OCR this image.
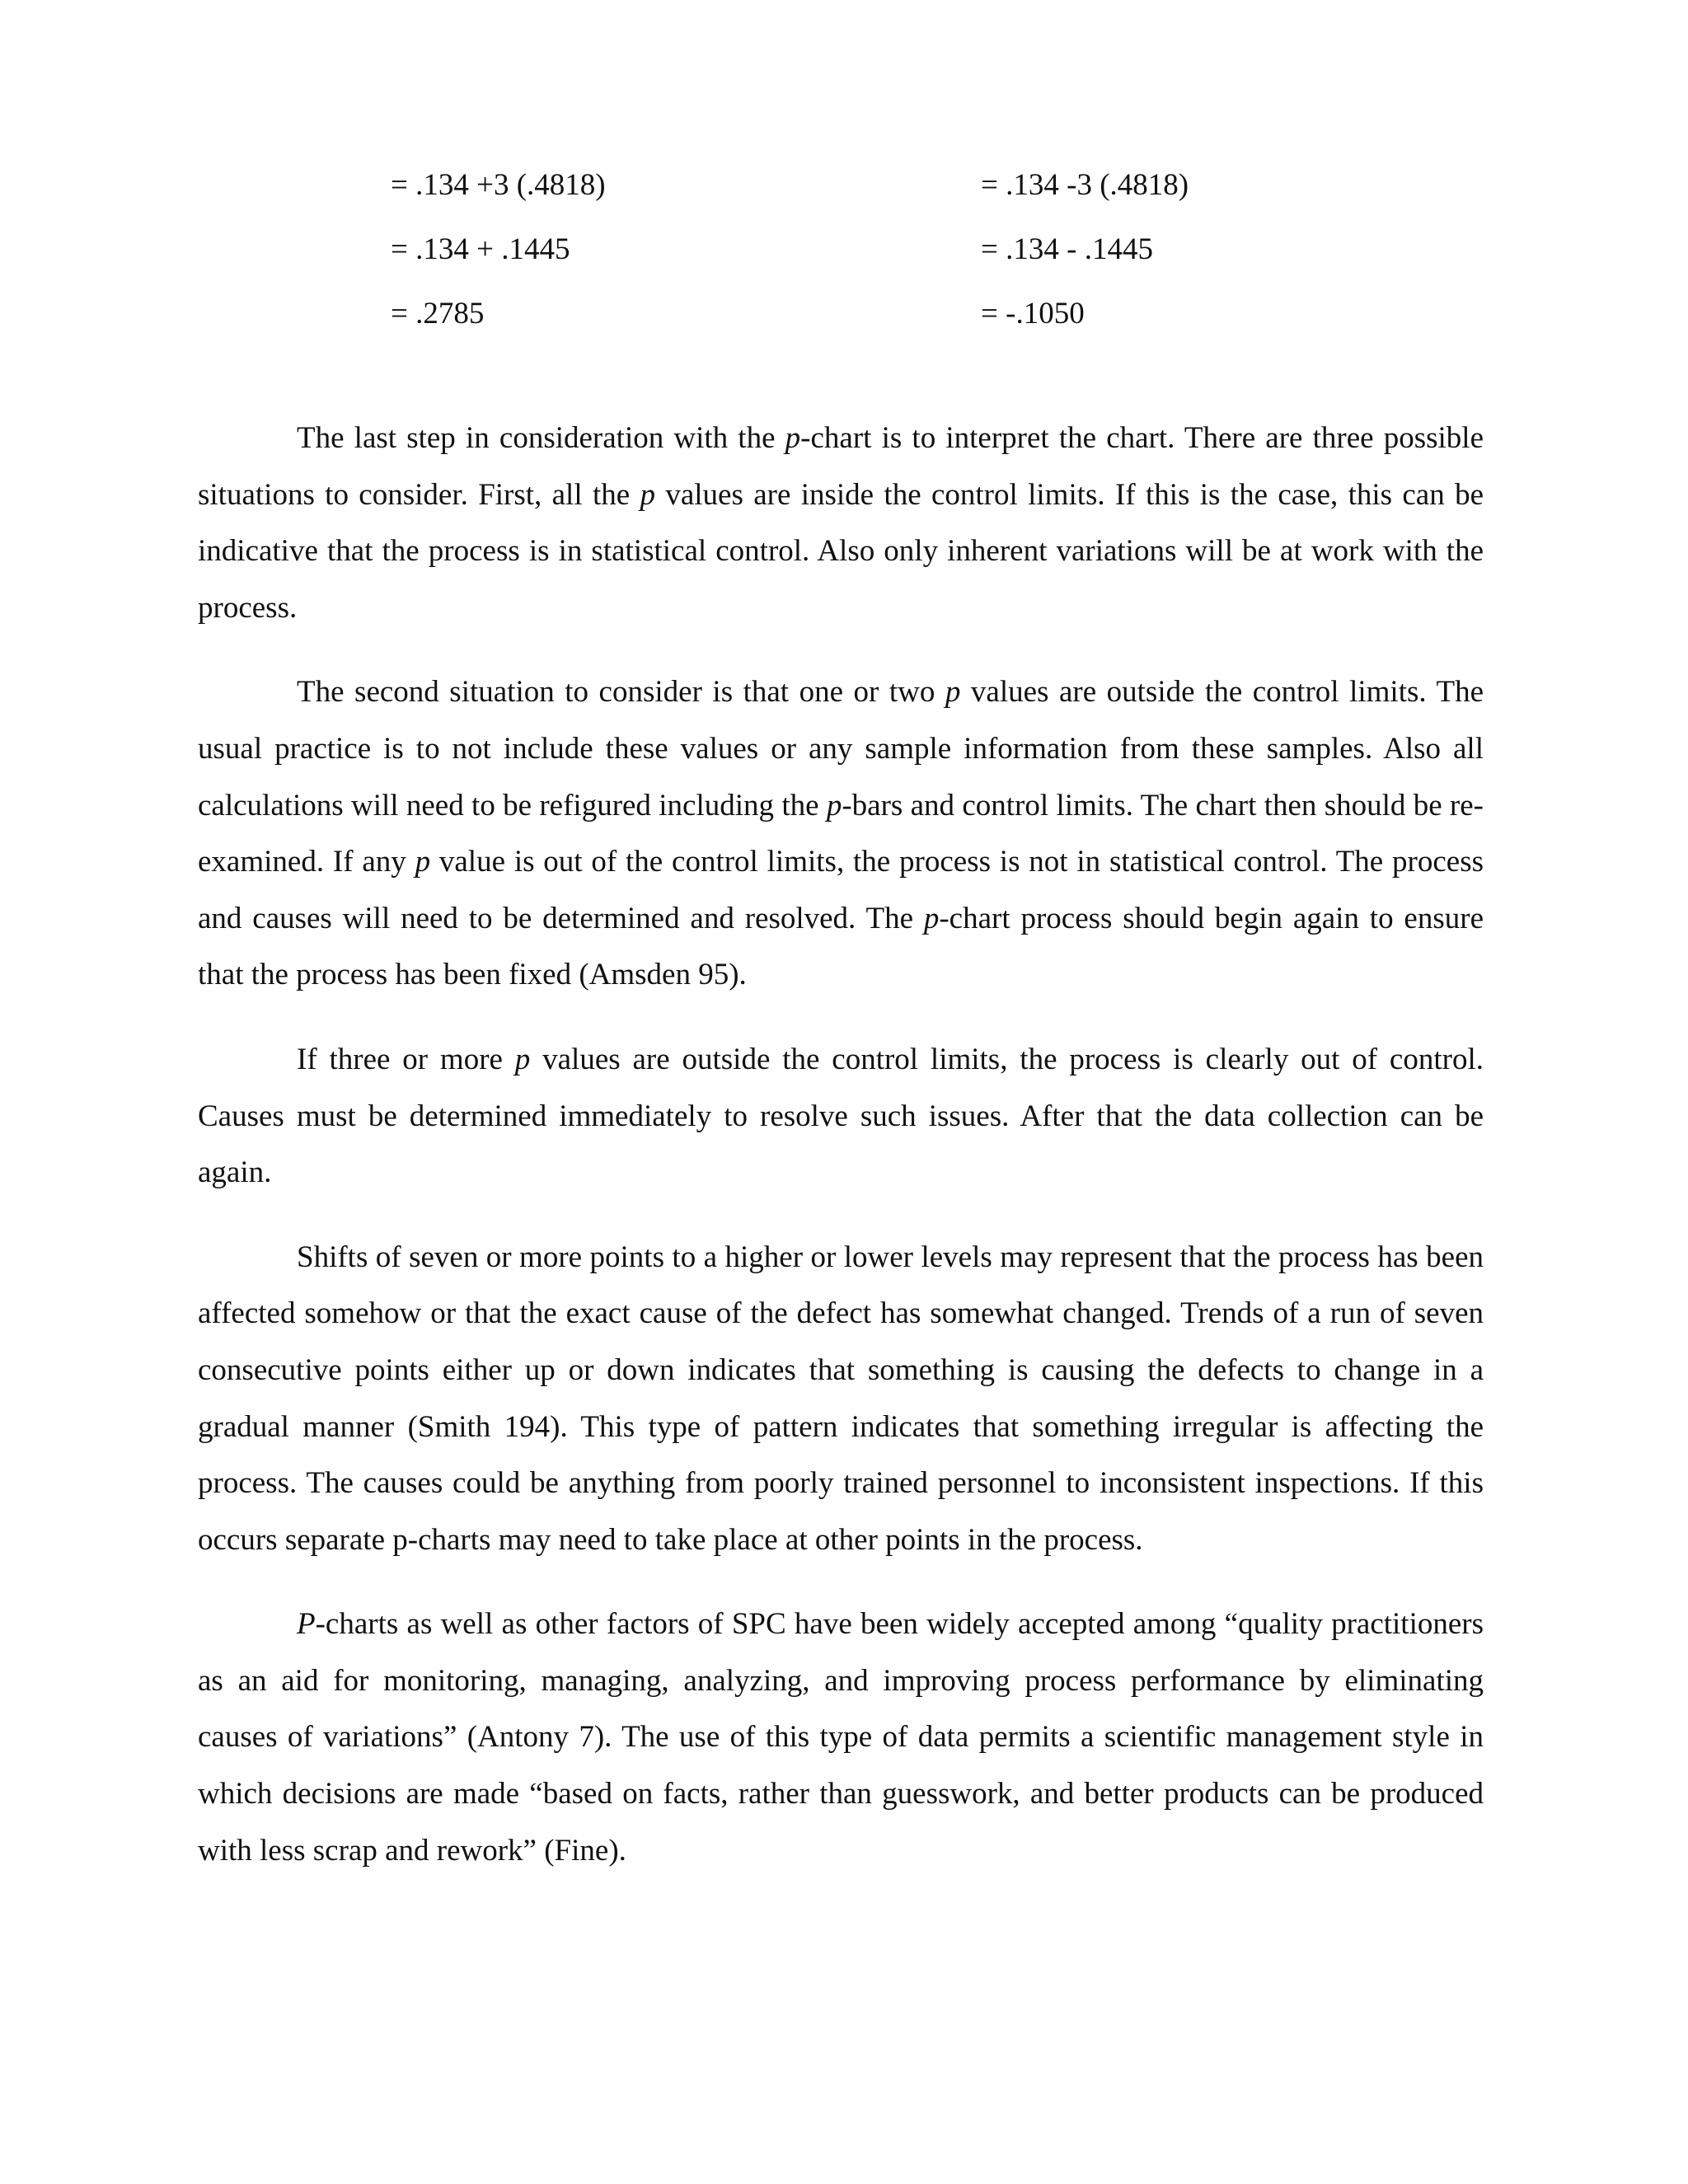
= .134 +3 (.4818)
= .134 + .1445
= .2785
= .134 -3 (.4818)
= .134 - .1445
= -.1050

The last step in consideration with the p-chart is to interpret the chart. There are three possible situations to consider. First, all the p values are inside the control limits. If this is the case, this can be indicative that the process is in statistical control. Also only inherent variations will be at work with the process.

The second situation to consider is that one or two p values are outside the control limits. The usual practice is to not include these values or any sample information from these samples. Also all calculations will need to be refigured including the p-bars and control limits. The chart then should be re-examined. If any p value is out of the control limits, the process is not in statistical control. The process and causes will need to be determined and resolved. The p-chart process should begin again to ensure that the process has been fixed (Amsden 95).

If three or more p values are outside the control limits, the process is clearly out of control. Causes must be determined immediately to resolve such issues. After that the data collection can be again.

Shifts of seven or more points to a higher or lower levels may represent that the process has been affected somehow or that the exact cause of the defect has somewhat changed. Trends of a run of seven consecutive points either up or down indicates that something is causing the defects to change in a gradual manner (Smith 194). This type of pattern indicates that something irregular is affecting the process. The causes could be anything from poorly trained personnel to inconsistent inspections. If this occurs separate p-charts may need to take place at other points in the process.

P-charts as well as other factors of SPC have been widely accepted among “quality practitioners as an aid for monitoring, managing, analyzing, and improving process performance by eliminating causes of variations” (Antony 7). The use of this type of data permits a scientific management style in which decisions are made “based on facts, rather than guesswork, and better products can be produced with less scrap and rework” (Fine).
